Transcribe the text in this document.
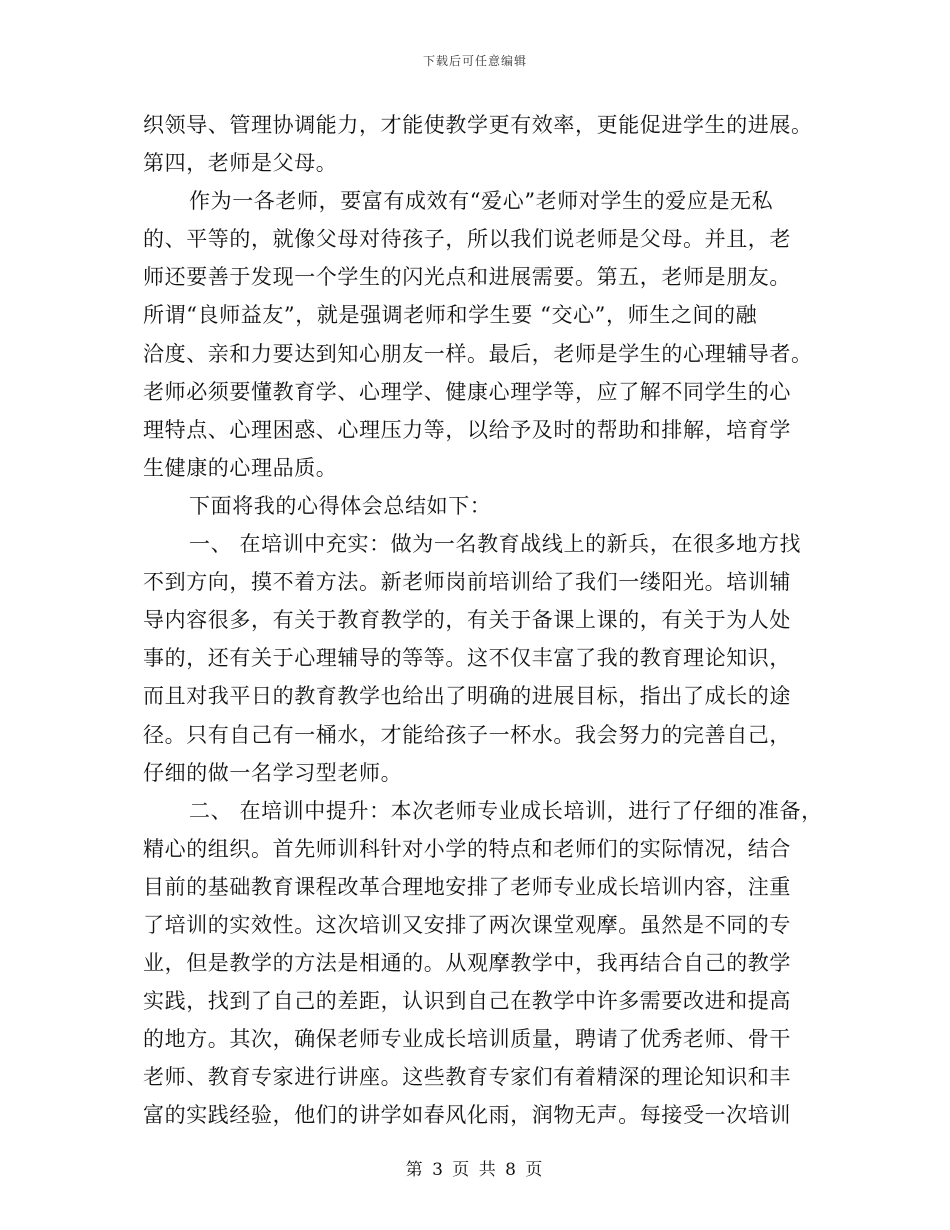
下载后可任意编辑
织领导、管理协调能力，才能使教学更有效率，更能促进学生的进展。
第四，老师是父母。
作为一各老师，要富有成效有“爱心”老师对学生的爱应是无私
的、平等的，就像父母对待孩子，所以我们说老师是父母。并且，老
师还要善于发现一个学生的闪光点和进展需要。第五，老师是朋友。
所谓“良师益友”，就是强调老师和学生要 “交心”，师生之间的融
洽度、亲和力要达到知心朋友一样。最后，老师是学生的心理辅导者。
老师必须要懂教育学、心理学、健康心理学等，应了解不同学生的心
理特点、心理困惑、心理压力等，以给予及时的帮助和排解，培育学
生健康的心理品质。
下面将我的心得体会总结如下：
一、 在培训中充实：做为一名教育战线上的新兵，在很多地方找
不到方向，摸不着方法。新老师岗前培训给了我们一缕阳光。培训辅
导内容很多，有关于教育教学的，有关于备课上课的，有关于为人处
事的，还有关于心理辅导的等等。这不仅丰富了我的教育理论知识，
而且对我平日的教育教学也给出了明确的进展目标，指出了成长的途
径。只有自己有一桶水，才能给孩子一杯水。我会努力的完善自己，
仔细的做一名学习型老师。
二、 在培训中提升：本次老师专业成长培训，进行了仔细的准备，
精心的组织。首先师训科针对小学的特点和老师们的实际情况，结合
目前的基础教育课程改革合理地安排了老师专业成长培训内容，注重
了培训的实效性。这次培训又安排了两次课堂观摩。虽然是不同的专
业，但是教学的方法是相通的。从观摩教学中，我再结合自己的教学
实践，找到了自己的差距，认识到自己在教学中许多需要改进和提高
的地方。其次，确保老师专业成长培训质量，聘请了优秀老师、骨干
老师、教育专家进行讲座。这些教育专家们有着精深的理论知识和丰
富的实践经验，他们的讲学如春风化雨，润物无声。每接受一次培训
第 3 页 共 8 页
